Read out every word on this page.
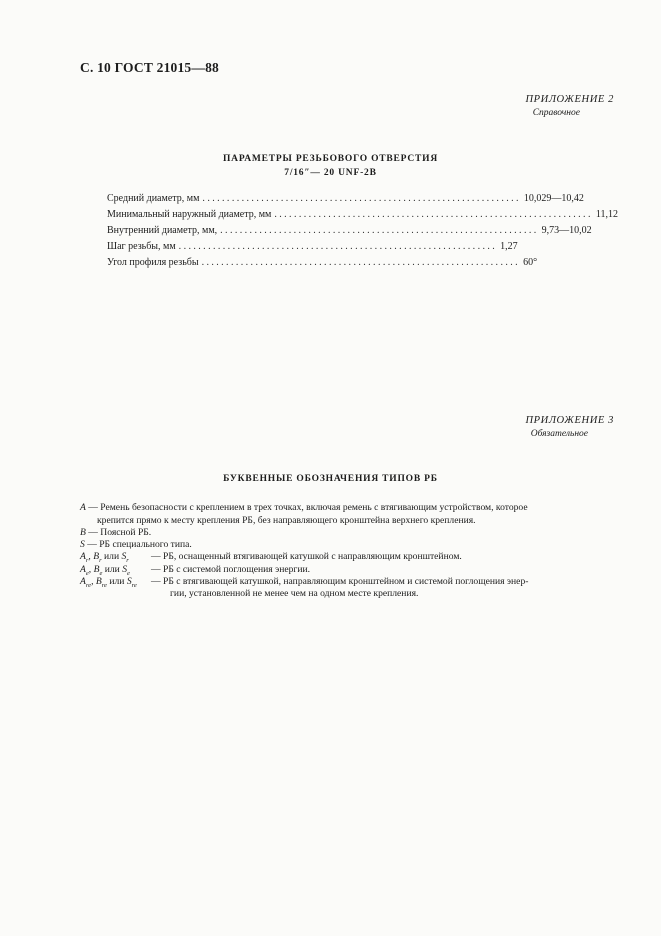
С. 10 ГОСТ 21015—88
ПРИЛОЖЕНИЕ 2
Справочное
ПАРАМЕТРЫ РЕЗЬБОВОГО ОТВЕРСТИЯ
7/16″— 20 UNF-2B
Средний диаметр, мм ................................................................. 10,029—10,42
Минимальный наружный диаметр, мм ................................................................. 11,12
Внутренний диаметр, мм, ................................................................. 9,73—10,02
Шаг резьбы, мм ................................................................. 1,27
Угол профиля резьбы ................................................................. 60°
ПРИЛОЖЕНИЕ 3
Обязательное
БУКВЕННЫЕ ОБОЗНАЧЕНИЯ ТИПОВ РБ
A — Ремень безопасности с креплением в трех точках, включая ремень с втягивающим устройством, которое
крепится прямо к месту крепления РБ, без направляющего кронштейна верхнего крепления.
B — Поясной РБ.
S — РБ специального типа.
$A_r$, $B_r$ или $S_r$ — РБ, оснащенный втягивающей катушкой с направляющим кронштейном.
$A_e$, $B_e$ или $S_e$ — РБ с системой поглощения энергии.
$A_{re}$, $B_{re}$ или $S_{re}$ — РБ с втягивающей катушкой, направляющим кронштейном и системой поглощения энер-
гии, установленной не менее чем на одном месте крепления.
